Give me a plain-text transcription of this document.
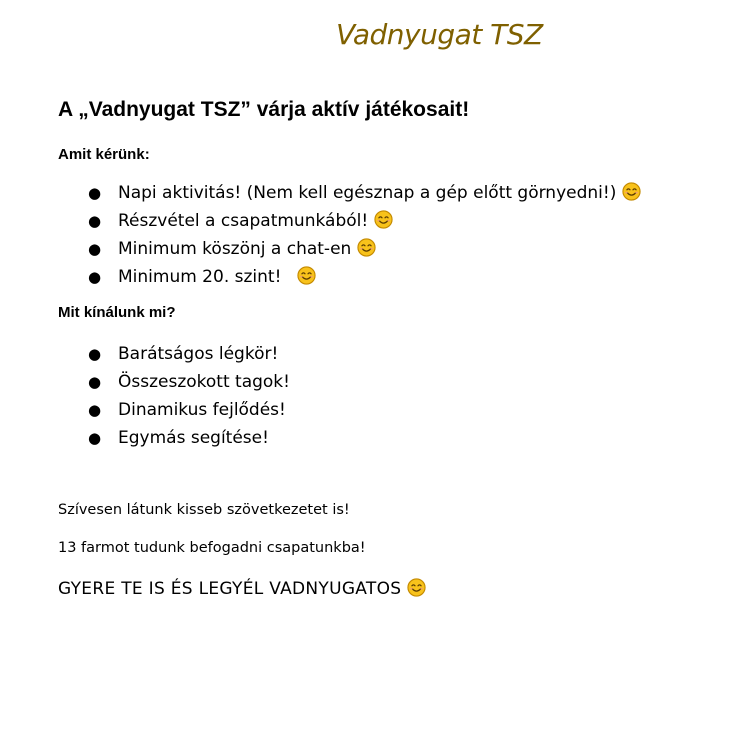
Vadnyugat TSZ
A „Vadnyugat TSZ” várja aktív játékosait!
Amit kérünk:
● Napi aktivitás! (Nem kell egésznap a gép előtt görnyedni!)
● Részvétel a csapatmunkából!
● Minimum köszönj a chat-en
● Minimum 20. szint!
Mit kínálunk mi?
● Barátságos légkör!
● Összeszokott tagok!
● Dinamikus fejlődés!
● Egymás segítése!
Szívesen látunk kisseb szövetkezetet is!
13 farmot tudunk befogadni csapatunkba!
GYERE TE IS ÉS LEGYÉL VADNYUGATOS
